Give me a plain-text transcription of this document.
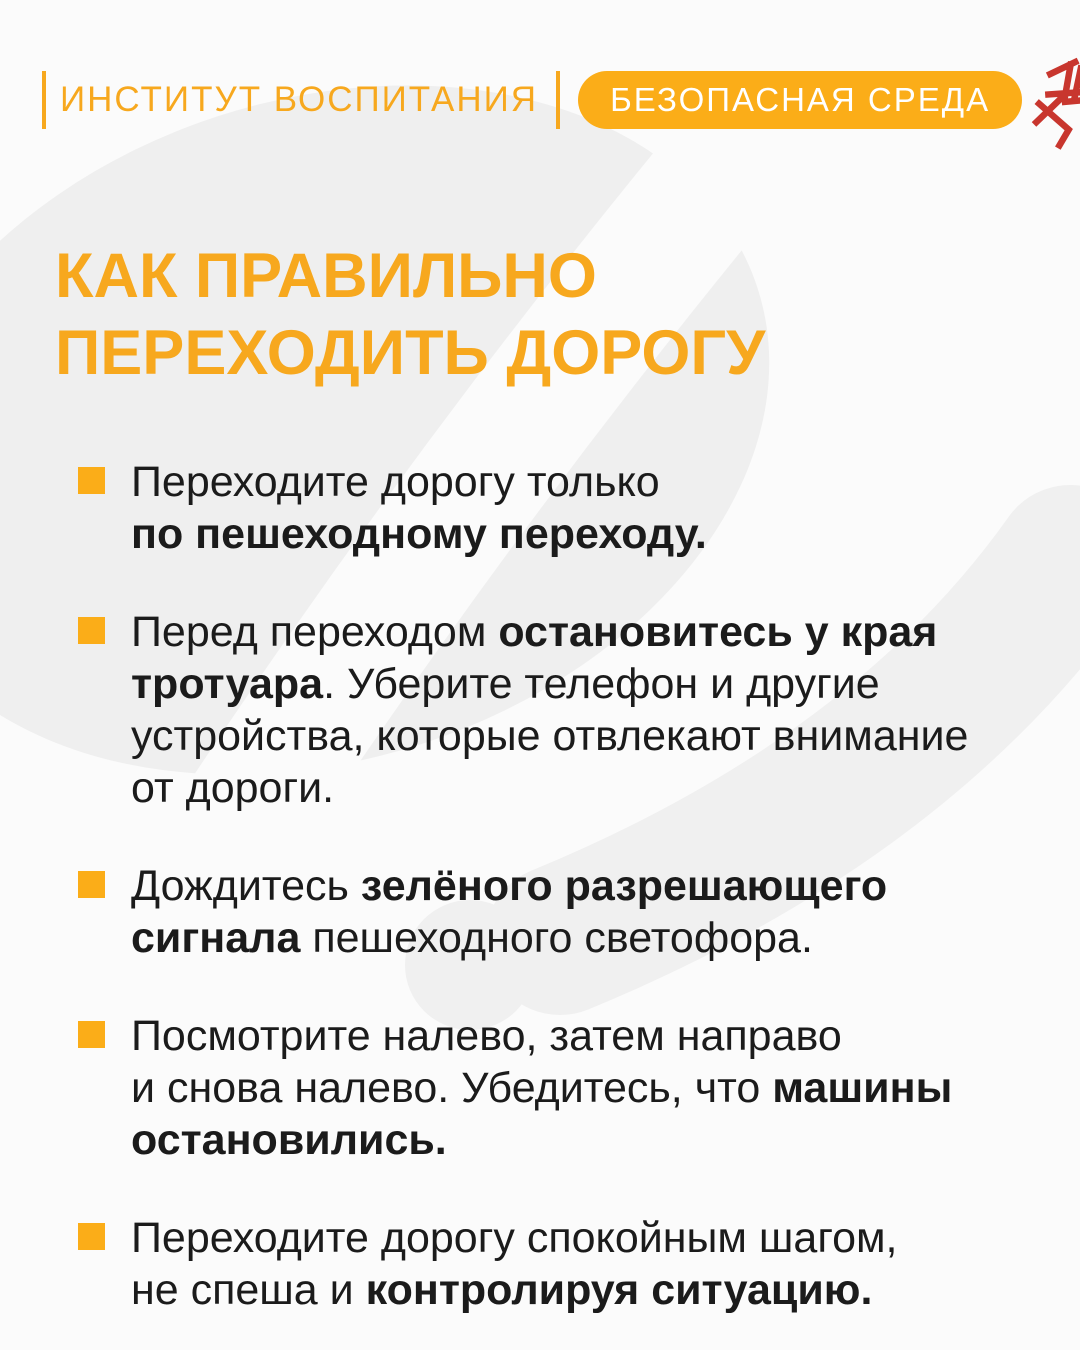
ИНСТИТУТ ВОСПИТАНИЯ	БЕЗОПАСНАЯ СРЕДА
КАК ПРАВИЛЬНО
ПЕРЕХОДИТЬ ДОРОГУ
Переходите дорогу только
по пешеходному переходу.
Перед переходом остановитесь у края
тротуара. Уберите телефон и другие
устройства, которые отвлекают внимание
от дороги.
Дождитесь зелёного разрешающего
сигнала пешеходного светофора.
Посмотрите налево, затем направо
и снова налево. Убедитесь, что машины
остановились.
Переходите дорогу спокойным шагом,
не спеша и контролируя ситуацию.
